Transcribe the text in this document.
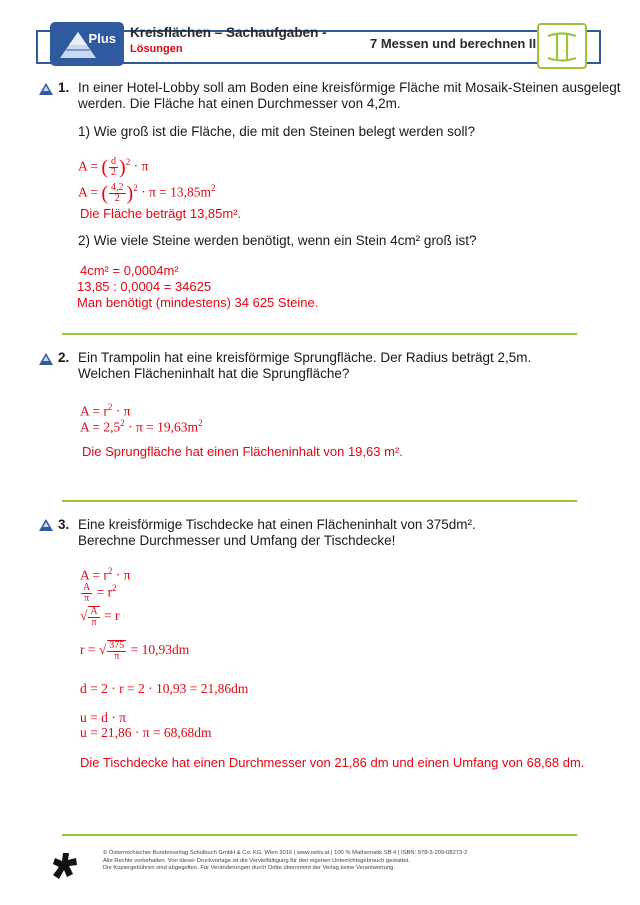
Plus Kreisflächen – Sachaufgaben -
Lösungen	7 Messen und berechnen II
1. In einer Hotel-Lobby soll am Boden eine kreisförmige Fläche mit Mosaik-Steinen ausgelegt
werden. Die Fläche hat einen Durchmesser von 4,2m.
1) Wie groß ist die Fläche, die mit den Steinen belegt werden soll?
A = ( $\frac{d}{2} )^2 \cdot \pi$
A = ( $\frac{4,2}{2} )^2 \cdot \pi = 13,85m^2$
Die Fläche beträgt 13,85m².
2) Wie viele Steine werden benötigt, wenn ein Stein 4cm² groß ist?
4cm² = 0,0004m²
13,85 : 0,0004 = 34625
Man benötigt (mindestens) 34 625 Steine.
2. Ein Trampolin hat eine kreisförmige Sprungfläche. Der Radius beträgt 2,5m.
Welchen Flächeninhalt hat die Sprungfläche?
$A = r^2 \cdot \pi$
$A = 2,5^2 \cdot \pi = 19,63m^2$
Die Sprungfläche hat einen Flächeninhalt von 19,63 m².
3. Eine kreisförmige Tischdecke hat einen Flächeninhalt von 375dm².
Berechne Durchmesser und Umfang der Tischdecke!
$A = r^2 \cdot \pi$
$\frac{A}{\pi} = r^2$
√ $\frac{A}{\pi} = r$
r = √ $\frac{375}{\pi} = 10,93dm$
d = 2 · r = 2 · 10,93 = 21,86dm
u = d · π
u = 21,86 · π = 68,68dm
Die Tischdecke hat einen Durchmesser von 21,86 dm und einen Umfang von 68,68 dm.
© Österreichischer Bundesverlag Schulbuch GmbH & Co. KG, Wien 2016 | www.oebv.at | 100 % Mathematik SB 4 | ISBN: 978-3-209-08273-2
Alle Rechte vorbehalten. Von dieser Druckvorlage ist die Vervielfältigung für den eigenen Unterrichtsgebrauch gestattet.
Die Kopiergebühren sind abgegolten. Für Veränderungen durch Dritte übernimmt der Verlag keine Verantwortung.
